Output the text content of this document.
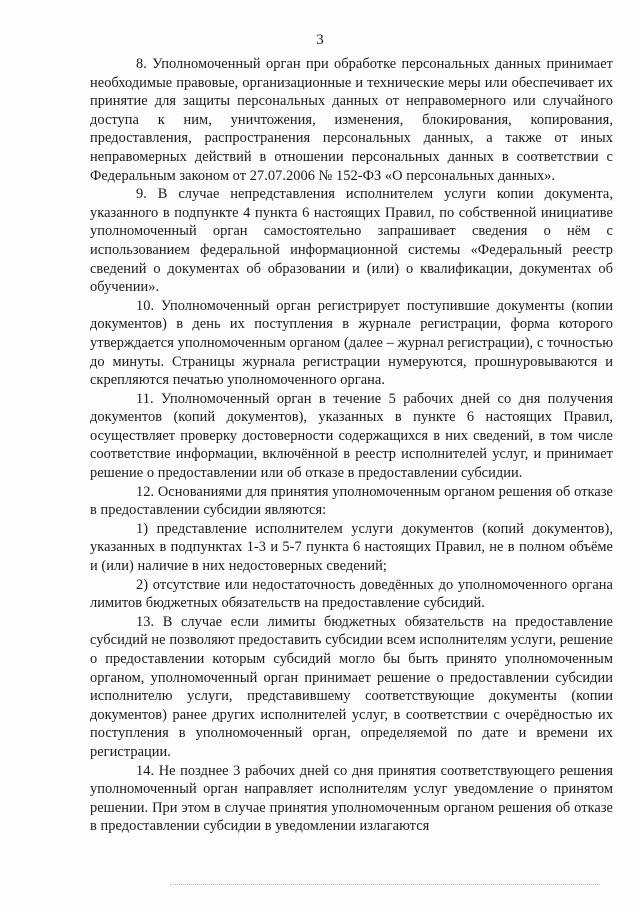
3

8. Уполномоченный орган при обработке персональных данных принимает необходимые правовые, организационные и технические меры или обеспечивает их принятие для защиты персональных данных от неправомерного или случайного доступа к ним, уничтожения, изменения, блокирования, копирования, предоставления, распространения персональных данных, а также от иных неправомерных действий в отношении персональных данных в соответствии с Федеральным законом от 27.07.2006 № 152-ФЗ «О персональных данных».

9. В случае непредставления исполнителем услуги копии документа, указанного в подпункте 4 пункта 6 настоящих Правил, по собственной инициативе уполномоченный орган самостоятельно запрашивает сведения о нём с использованием федеральной информационной системы «Федеральный реестр сведений о документах об образовании и (или) о квалификации, документах об обучении».

10. Уполномоченный орган регистрирует поступившие документы (копии документов) в день их поступления в журнале регистрации, форма которого утверждается уполномоченным органом (далее – журнал регистрации), с точностью до минуты. Страницы журнала регистрации нумеруются, прошнуровываются и скрепляются печатью уполномоченного органа.

11. Уполномоченный орган в течение 5 рабочих дней со дня получения документов (копий документов), указанных в пункте 6 настоящих Правил, осуществляет проверку достоверности содержащихся в них сведений, в том числе соответствие информации, включённой в реестр исполнителей услуг, и принимает решение о предоставлении или об отказе в предоставлении субсидии.

12. Основаниями для принятия уполномоченным органом решения об отказе в предоставлении субсидии являются:

1) представление исполнителем услуги документов (копий документов), указанных в подпунктах 1-3 и 5-7 пункта 6 настоящих Правил, не в полном объёме и (или) наличие в них недостоверных сведений;

2) отсутствие или недостаточность доведённых до уполномоченного органа лимитов бюджетных обязательств на предоставление субсидий.

13. В случае если лимиты бюджетных обязательств на предоставление субсидий не позволяют предоставить субсидии всем исполнителям услуги, решение о предоставлении которым субсидий могло бы быть принято уполномоченным органом, уполномоченный орган принимает решение о предоставлении субсидии исполнителю услуги, представившему соответствующие документы (копии документов) ранее других исполнителей услуг, в соответствии с очерёдностью их поступления в уполномоченный орган, определяемой по дате и времени их регистрации.

14. Не позднее 3 рабочих дней со дня принятия соответствующего решения уполномоченный орган направляет исполнителям услуг уведомление о принятом решении. При этом в случае принятия уполномоченным органом решения об отказе в предоставлении субсидии в уведомлении излагаются
